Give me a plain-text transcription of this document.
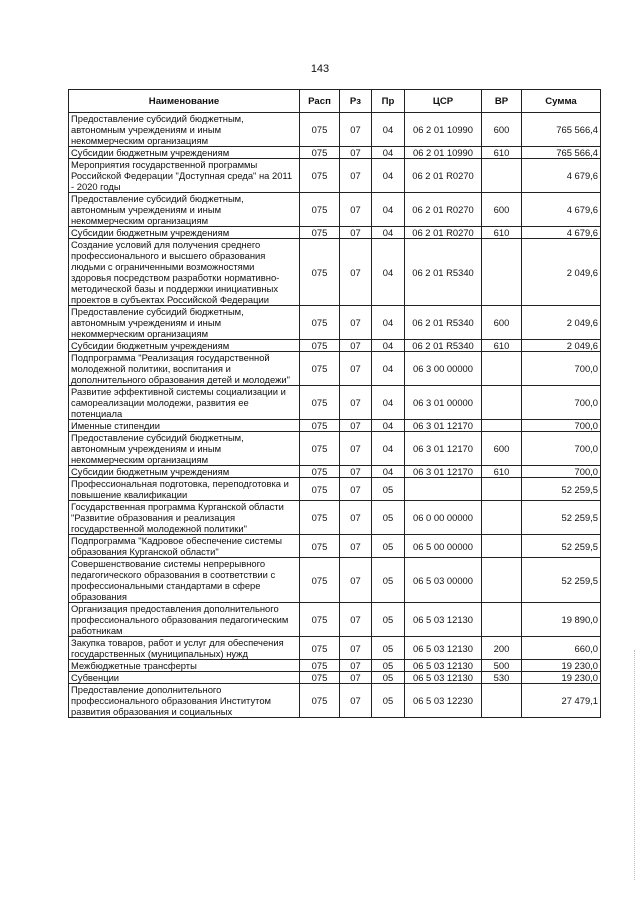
143
Наименование	Расп	Рз	Пр	ЦСР	ВР	Сумма
Предоставление субсидий бюджетным, автономным учреждениям и иным некоммерческим организациям	075	07	04	06 2 01 10990	600	765 566,4
Субсидии бюджетным учреждениям	075	07	04	06 2 01 10990	610	765 566,4
Мероприятия государственной программы Российской Федерации "Доступная среда" на 2011 - 2020 годы	075	07	04	06 2 01 R0270		4 679,6
Предоставление субсидий бюджетным, автономным учреждениям и иным некоммерческим организациям	075	07	04	06 2 01 R0270	600	4 679,6
Субсидии бюджетным учреждениям	075	07	04	06 2 01 R0270	610	4 679,6
Создание условий для получения среднего профессионального и высшего образования людьми с ограниченными возможностями здоровья посредством разработки нормативно-методической базы и поддержки инициативных проектов в субъектах Российской Федерации	075	07	04	06 2 01 R5340		2 049,6
Предоставление субсидий бюджетным, автономным учреждениям и иным некоммерческим организациям	075	07	04	06 2 01 R5340	600	2 049,6
Субсидии бюджетным учреждениям	075	07	04	06 2 01 R5340	610	2 049,6
Подпрограмма "Реализация государственной молодежной политики, воспитания и дополнительного образования детей и молодежи"	075	07	04	06 3 00 00000		700,0
Развитие эффективной системы социализации и самореализации молодежи, развития ее потенциала	075	07	04	06 3 01 00000		700,0
Именные стипендии	075	07	04	06 3 01 12170		700,0
Предоставление субсидий бюджетным, автономным учреждениям и иным некоммерческим организациям	075	07	04	06 3 01 12170	600	700,0
Субсидии бюджетным учреждениям	075	07	04	06 3 01 12170	610	700,0
Профессиональная подготовка, переподготовка и повышение квалификации	075	07	05			52 259,5
Государственная программа Курганской области "Развитие образования и реализация государственной молодежной политики"	075	07	05	06 0 00 00000		52 259,5
Подпрограмма "Кадровое обеспечение системы образования Курганской области"	075	07	05	06 5 00 00000		52 259,5
Совершенствование системы непрерывного педагогического образования в соответствии с профессиональными стандартами в сфере образования	075	07	05	06 5 03 00000		52 259,5
Организация предоставления дополнительного профессионального образования педагогическим работникам	075	07	05	06 5 03 12130		19 890,0
Закупка товаров, работ и услуг для обеспечения государственных (муниципальных) нужд	075	07	05	06 5 03 12130	200	660,0
Межбюджетные трансферты	075	07	05	06 5 03 12130	500	19 230,0
Субвенции	075	07	05	06 5 03 12130	530	19 230,0
Предоставление дополнительного профессионального образования Институтом развития образования и социальных	075	07	05	06 5 03 12230		27 479,1
